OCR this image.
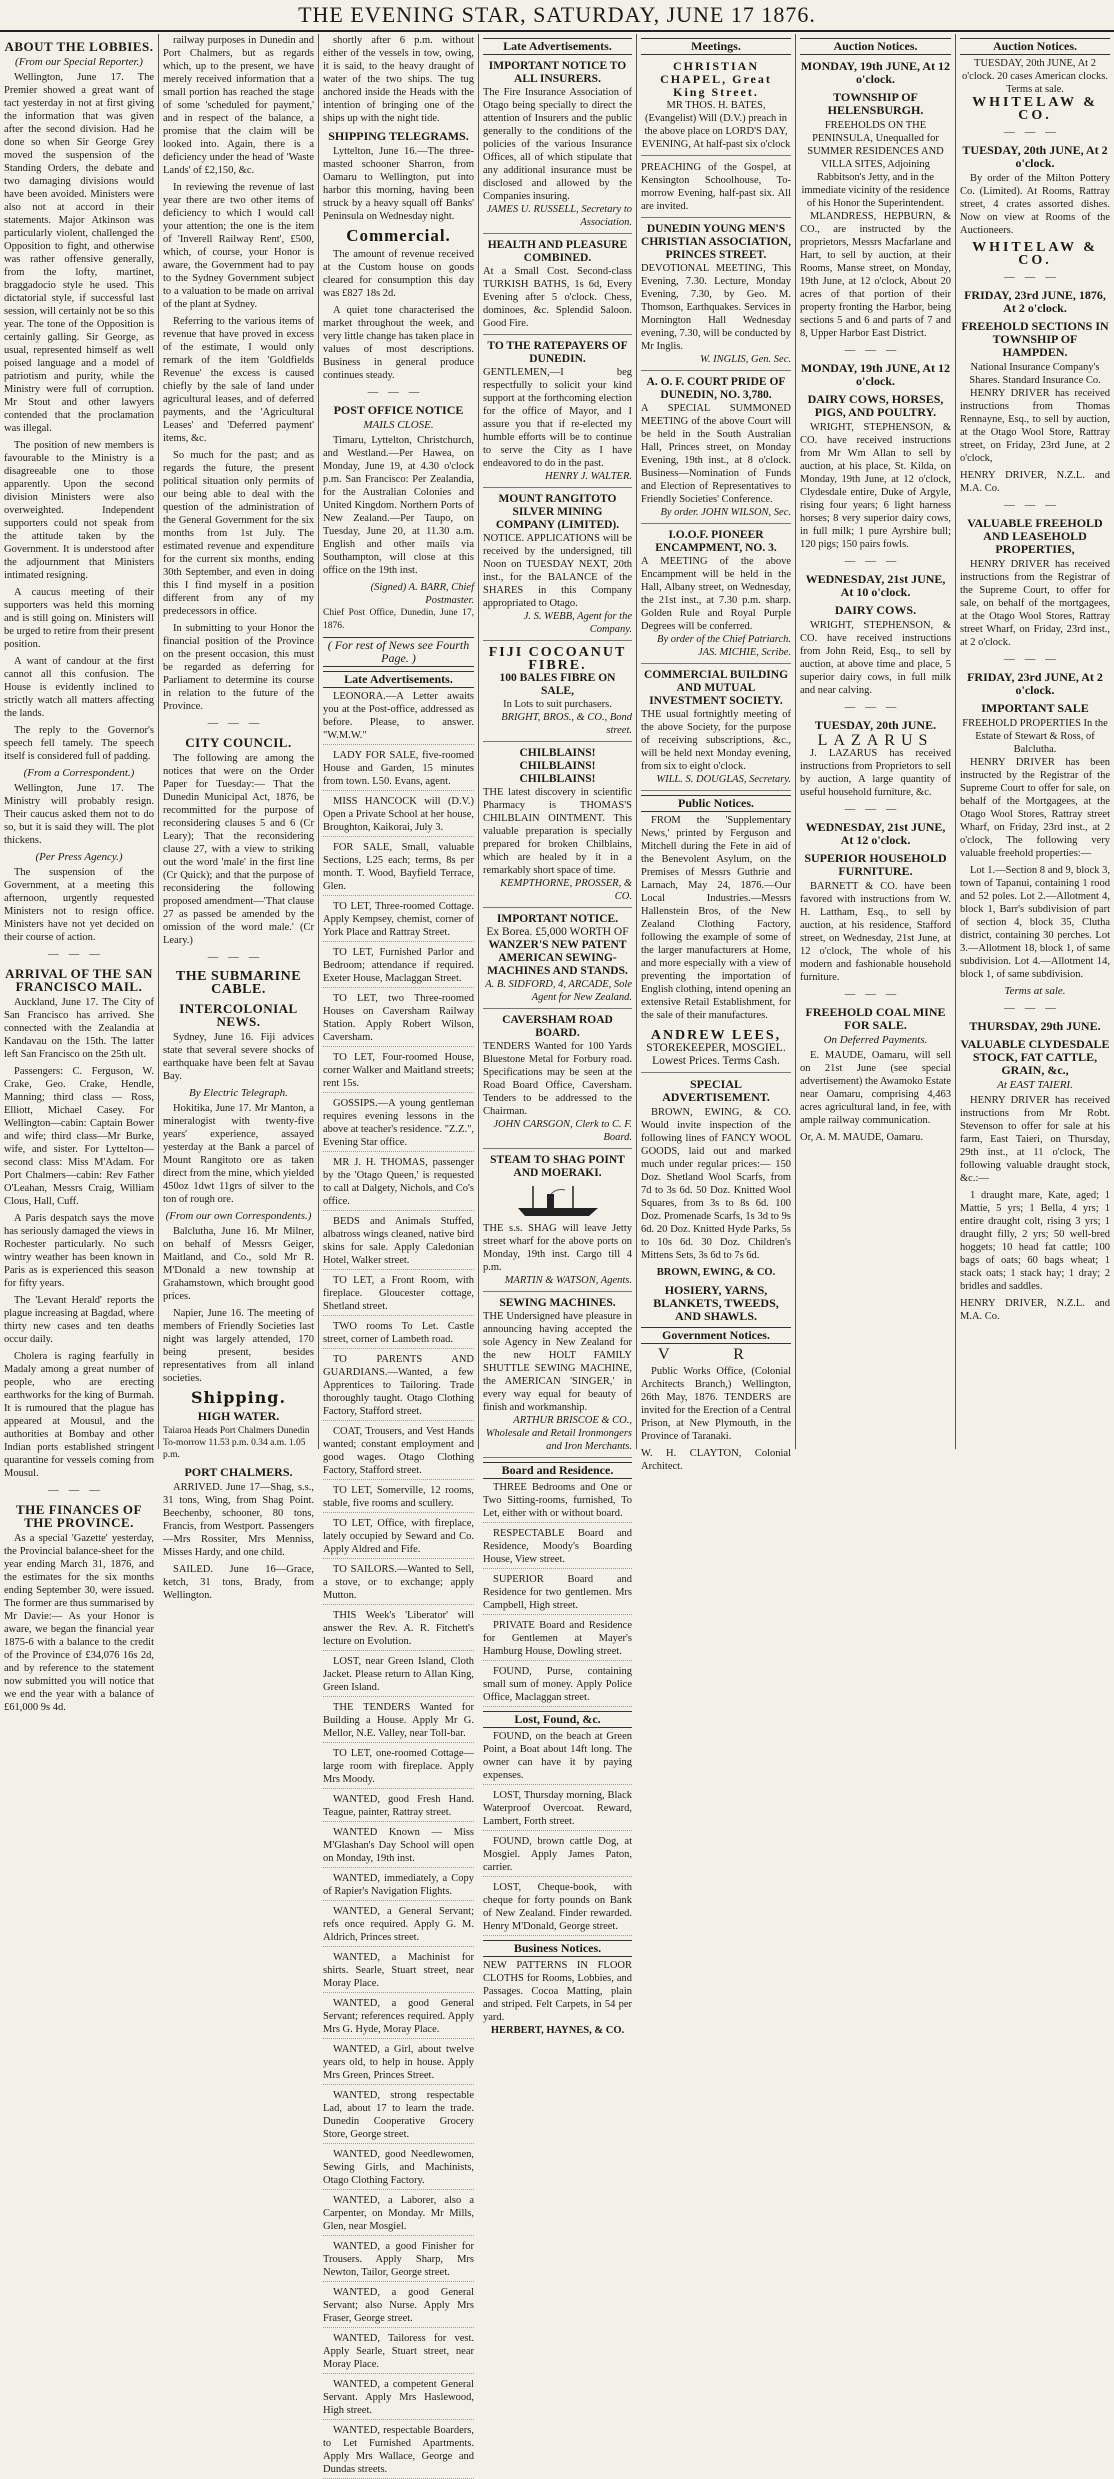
THE EVENING STAR, SATURDAY, JUNE 17 1876.
ABOUT THE LOBBIES.
(From our Special Reporter.)

Wellington, June 17. The Premier showed a great want of tact yesterday in not at first giving the information that was given after the second division. Had he done so when Sir George Grey moved the suspension of the Standing Orders, the debate and two damaging divisions would have been avoided. Ministers were also not at accord in their statements. Major Atkinson was particularly violent, challenged the Opposition to fight, and otherwise was rather offensive generally, from the lofty, martinet, braggadocio style he used. This dictatorial style, if successful last session, will certainly not be so this year. The tone of the Opposition is certainly galling. Sir George, as usual, represented himself as well poised language and a model of patriotism and purity, while the Ministry were full of corruption. Mr Stout and other lawyers contended that the proclamation was illegal.

The position of new members is favourable to the Ministry is a disagreeable one to those apparently. Upon the second division Ministers were also overweighted. Independent supporters could not speak from the attitude taken by the Government. It is understood after the adjournment that Ministers intimated resigning.

A caucus meeting of their supporters was held this morning and is still going on. Ministers will be urged to retire from their present position.

A want of candour at the first cannot all this confusion. The House is evidently inclined to strictly watch all matters affecting the lands.

The reply to the Governor's speech fell tamely. The speech itself is considered full of padding.

(From a Correspondent.)

Wellington, June 17. The Ministry will probably resign. Their caucus asked them not to do so, but it is said they will. The plot thickens.

(Per Press Agency.)

The suspension of the Government, at a meeting this afternoon, urgently requested Ministers not to resign office. Ministers have not yet decided on their course of action.

———
ARRIVAL OF THE SAN FRANCISCO MAIL.

Auckland, June 17. The City of San Francisco has arrived. She connected with the Zealandia at Kandavau on the 15th. The latter left San Francisco on the 25th ult.

Passengers: C. Ferguson, W. Crake, Geo. Crake, Hendle, Manning; third class — Ross, Elliott, Michael Casey. For Wellington—cabin: Captain Bower and wife; third class—Mr Burke, wife, and sister. For Lyttelton—second class: Miss M'Adam. For Port Chalmers—cabin: Rev Father O'Leahan, Messrs Craig, William Clous, Hall, Cuff.

A Paris despatch says the move has seriously damaged the views in Rochester particularly. No such wintry weather has been known in Paris as is experienced this season for fifty years.

The 'Levant Herald' reports the plague increasing at Bagdad, where thirty new cases and ten deaths occur daily.

Cholera is raging fearfully in Madaly among a great number of people, who are erecting earthworks for the king of Burmah. It is rumoured that the plague has appeared at Mousul, and the authorities at Bombay and other Indian ports established stringent quarantine for vessels coming from Mousul.

———
THE FINANCES OF THE PROVINCE.

As a special 'Gazette' yesterday, the Provincial balance-sheet for the year ending March 31, 1876, and the estimates for the six months ending September 30, were issued. The former are thus summarised by Mr Davie:— As your Honor is aware, we began the financial year 1875-6 with a balance to the credit of the Province of £34,076 16s 2d, and by reference to the statement now submitted you will notice that we end the year with a balance of £61,000 9s 4d.

railway purposes in Dunedin and Port Chalmers, but as regards which, up to the present, we have merely received information that a small portion has reached the stage of some 'scheduled for payment,' and in respect of the balance, a promise that the claim will be looked into. Again, there is a deficiency under the head of 'Waste Lands' of £2,150, &c.

In reviewing the revenue of last year there are two other items of deficiency to which I would call your attention; the one is the item of 'Inverell Railway Rent', £500, which, of course, your Honor is aware, the Government had to pay to the Sydney Government subject to a valuation to be made on arrival of the plant at Sydney.

Referring to the various items of revenue that have proved in excess of the estimate, I would only remark of the item 'Goldfields Revenue' the excess is caused chiefly by the sale of land under agricultural leases, and of deferred payments, and the 'Agricultural Leases' and 'Deferred payment' items, &c.

So much for the past; and as regards the future, the present political situation only permits of our being able to deal with the question of the administration of the General Government for the six months from 1st July. The estimated revenue and expenditure for the current six months, ending 30th September, and even in doing this I find myself in a position different from any of my predecessors in office.

In submitting to your Honor the financial position of the Province on the present occasion, this must be regarded as deferring for Parliament to determine its course in relation to the future of the Province.

———
CITY COUNCIL.

The following are among the notices that were on the Order Paper for Tuesday:— That the Dunedin Municipal Act, 1876, be recommitted for the purpose of reconsidering clauses 5 and 6 (Cr Leary); That the reconsidering clause 27, with a view to striking out the word 'male' in the first line (Cr Quick); and that the purpose of reconsidering the following proposed amendment—'That clause 27 as passed be amended by the omission of the word male.' (Cr Leary.)

———
THE SUBMARINE CABLE.
INTERCOLONIAL NEWS.

Sydney, June 16. Fiji advices state that several severe shocks of earthquake have been felt at Savau Bay.

By Electric Telegraph.

Hokitika, June 17. Mr Manton, a mineralogist with twenty-five years' experience, assayed yesterday at the Bank a parcel of Mount Rangitoto ore as taken direct from the mine, which yielded 450oz 1dwt 11grs of silver to the ton of rough ore.

(From our own Correspondents.)

Balclutha, June 16. Mr Milner, on behalf of Messrs Geiger, Maitland, and Co., sold Mr R. M'Donald a new township at Grahamstown, which brought good prices.

Napier, June 16. The meeting of members of Friendly Societies last night was largely attended, 170 being present, besides representatives from all inland societies.

Shipping.
HIGH WATER.
Taiaroa Heads Port Chalmers Dunedin
To-morrow 11.53 p.m. 0.34 a.m. 1.05 p.m.
PORT CHALMERS.

ARRIVED. June 17—Shag, s.s., 31 tons, Wing, from Shag Point. Beechenby, schooner, 80 tons, Francis, from Westport. Passengers—Mrs Rossiter, Mrs Menniss, Misses Hardy, and one child.

SAILED. June 16—Grace, ketch, 31 tons, Brady, from Wellington.

shortly after 6 p.m. without either of the vessels in tow, owing, it is said, to the heavy draught of water of the two ships. The tug anchored inside the Heads with the intention of bringing one of the ships up with the night tide.

SHIPPING TELEGRAMS.

Lyttelton, June 16.—The three-masted schooner Sharron, from Oamaru to Wellington, put into harbor this morning, having been struck by a heavy squall off Banks' Peninsula on Wednesday night.

Commercial.

The amount of revenue received at the Custom house on goods cleared for consumption this day was £827 18s 2d.

A quiet tone characterised the market throughout the week, and very little change has taken place in values of most descriptions. Business in general produce continues steady.

———
POST OFFICE NOTICE
MAILS CLOSE.

Timaru, Lyttelton, Christchurch, and Westland.—Per Hawea, on Monday, June 19, at 4.30 o'clock p.m. San Francisco: Per Zealandia, for the Australian Colonies and United Kingdom. Northern Ports of New Zealand.—Per Taupo, on Tuesday, June 20, at 11.30 a.m. English and other mails via Southampton, will close at this office on the 19th inst.

(Signed) A. BARR, Chief Postmaster.
Chief Post Office, Dunedin, June 17, 1876.
( For rest of News see Fourth Page. )
Late Advertisements.

LEONORA.—A Letter awaits you at the Post-office, addressed as before. Please, to answer. "W.M.W."

LADY FOR SALE, five-roomed House and Garden, 15 minutes from town. L50. Evans, agent.

MISS HANCOCK will (D.V.) Open a Private School at her house, Broughton, Kaikorai, July 3.

FOR SALE, Small, valuable Sections, L25 each; terms, 8s per month. T. Wood, Bayfield Terrace, Glen.

TO LET, Three-roomed Cottage. Apply Kempsey, chemist, corner of York Place and Rattray Street.

TO LET, Furnished Parlor and Bedroom; attendance if required. Exeter House, Maclaggan Street.

TO LET, two Three-roomed Houses on Caversham Railway Station. Apply Robert Wilson, Caversham.

TO LET, Four-roomed House, corner Walker and Maitland streets; rent 15s.

GOSSIPS.—A young gentleman requires evening lessons in the above at teacher's residence. "Z.Z.", Evening Star office.

MR J. H. THOMAS, passenger by the 'Otago Queen,' is requested to call at Dalgety, Nichols, and Co's office.

BEDS and Animals Stuffed, albatross wings cleaned, native bird skins for sale. Apply Caledonian Hotel, Walker street.

TO LET, a Front Room, with fireplace. Gloucester cottage, Shetland street.

TWO rooms To Let. Castle street, corner of Lambeth road.

TO PARENTS AND GUARDIANS.—Wanted, a few Apprentices to Tailoring. Trade thoroughly taught. Otago Clothing Factory, Stafford street.

COAT, Trousers, and Vest Hands wanted; constant employment and good wages. Otago Clothing Factory, Stafford street.

TO LET, Somerville, 12 rooms, stable, five rooms and scullery.

TO LET, Office, with fireplace, lately occupied by Seward and Co. Apply Aldred and Fife.

TO SAILORS.—Wanted to Sell, a stove, or to exchange; apply Mutton.

THIS Week's 'Liberator' will answer the Rev. A. R. Fitchett's lecture on Evolution.

LOST, near Green Island, Cloth Jacket. Please return to Allan King, Green Island.

THE TENDERS Wanted for Building a House. Apply Mr G. Mellor, N.E. Valley, near Toll-bar.

TO LET, one-roomed Cottage—large room with fireplace. Apply Mrs Moody.

WANTED, good Fresh Hand. Teague, painter, Rattray street.

WANTED Known — Miss M'Glashan's Day School will open on Monday, 19th inst.

WANTED, immediately, a Copy of Rapier's Navigation Flights.

WANTED, a General Servant; refs once required. Apply G. M. Aldrich, Princes street.

WANTED, a Machinist for shirts. Searle, Stuart street, near Moray Place.

WANTED, a good General Servant; references required. Apply Mrs G. Hyde, Moray Place.

WANTED, a Girl, about twelve years old, to help in house. Apply Mrs Green, Princes Street.

WANTED, strong respectable Lad, about 17 to learn the trade. Dunedin Cooperative Grocery Store, George street.

WANTED, good Needlewomen, Sewing Girls, and Machinists, Otago Clothing Factory.

WANTED, a Laborer, also a Carpenter, on Monday. Mr Mills, Glen, near Mosgiel.

WANTED, a good Finisher for Trousers. Apply Sharp, Mrs Newton, Tailor, George street.

WANTED, a good General Servant; also Nurse. Apply Mrs Fraser, George street.

WANTED, Tailoress for vest. Apply Searle, Stuart street, near Moray Place.

WANTED, a competent General Servant. Apply Mrs Haslewood, High street.

WANTED, respectable Boarders, to Let Furnished Apartments. Apply Mrs Wallace, George and Dundas streets.

Late Advertisements.
IMPORTANT NOTICE TO ALL INSURERS.

The Fire Insurance Association of Otago being specially to direct the attention of Insurers and the public generally to the conditions of the policies of the various Insurance Offices, all of which stipulate that any additional insurance must be disclosed and allowed by the Companies insuring.

JAMES U. RUSSELL, Secretary to Association.
HEALTH AND PLEASURE COMBINED.

At a Small Cost. Second-class TURKISH BATHS, 1s 6d, Every Evening after 5 o'clock. Chess, dominoes, &c. Splendid Saloon. Good Fire.

TO THE RATEPAYERS OF DUNEDIN.

GENTLEMEN,—I beg respectfully to solicit your kind support at the forthcoming election for the office of Mayor, and I assure you that if re-elected my humble efforts will be to continue to serve the City as I have endeavored to do in the past.

HENRY J. WALTER.
MOUNT RANGITOTO SILVER MINING COMPANY (LIMITED).

NOTICE. APPLICATIONS will be received by the undersigned, till Noon on TUESDAY NEXT, 20th inst., for the BALANCE of the SHARES in this Company appropriated to Otago.

J. S. WEBB, Agent for the Company.
FIJI COCOANUT FIBRE.
100 BALES FIBRE ON SALE,

In Lots to suit purchasers.

BRIGHT, BROS., & CO., Bond street.
CHILBLAINS! CHILBLAINS! CHILBLAINS!

THE latest discovery in scientific Pharmacy is THOMAS'S CHILBLAIN OINTMENT. This valuable preparation is specially prepared for broken Chilblains, which are healed by it in a remarkably short space of time.

KEMPTHORNE, PROSSER, & CO.
IMPORTANT NOTICE.
Ex Borea. £5,000 WORTH OF
WANZER'S NEW PATENT AMERICAN SEWING-MACHINES AND STANDS.
A. B. SIDFORD, 4, ARCADE, Sole Agent for New Zealand.
CAVERSHAM ROAD BOARD.

TENDERS Wanted for 100 Yards Bluestone Metal for Forbury road. Specifications may be seen at the Road Board Office, Caversham. Tenders to be addressed to the Chairman.

JOHN CARSGON, Clerk to C. F. Board.
STEAM TO SHAG POINT AND MOERAKI.

THE s.s. SHAG will leave Jetty street wharf for the above ports on Monday, 19th inst. Cargo till 4 p.m.

MARTIN & WATSON, Agents.
SEWING MACHINES.

THE Undersigned have pleasure in announcing having accepted the sole Agency in New Zealand for the new HOLT FAMILY SHUTTLE SEWING MACHINE, the AMERICAN 'SINGER,' in every way equal for beauty of finish and workmanship.

ARTHUR BRISCOE & CO., Wholesale and Retail Ironmongers and Iron Merchants.
Board and Residence.

THREE Bedrooms and One or Two Sitting-rooms, furnished, To Let, either with or without board.

RESPECTABLE Board and Residence, Moody's Boarding House, View street.

SUPERIOR Board and Residence for two gentlemen. Mrs Campbell, High street.

PRIVATE Board and Residence for Gentlemen at Mayer's Hamburg House, Dowling street.

FOUND, Purse, containing small sum of money. Apply Police Office, Maclaggan street.

Lost, Found, &c.

FOUND, on the beach at Green Point, a Boat about 14ft long. The owner can have it by paying expenses.

LOST, Thursday morning, Black Waterproof Overcoat. Reward, Lambert, Forth street.

FOUND, brown cattle Dog, at Mosgiel. Apply James Paton, carrier.

LOST, Cheque-book, with cheque for forty pounds on Bank of New Zealand. Finder rewarded. Henry M'Donald, George street.

Business Notices.

NEW PATTERNS IN FLOOR CLOTHS for Rooms, Lobbies, and Passages. Cocoa Matting, plain and striped. Felt Carpets, in 54 per yard.

HERBERT, HAYNES, & CO.
Meetings.
CHRISTIAN CHAPEL, Great King Street.

MR THOS. H. BATES, (Evangelist) Will (D.V.) preach in the above place on LORD'S DAY, EVENING, At half-past six o'clock

PREACHING of the Gospel, at Kensington Schoolhouse, To-morrow Evening, half-past six. All are invited.

DUNEDIN YOUNG MEN'S CHRISTIAN ASSOCIATION, PRINCES STREET.

DEVOTIONAL MEETING, This Evening, 7.30. Lecture, Monday Evening, 7.30, by Geo. M. Thomson, Earthquakes. Services in Mornington Hall Wednesday evening, 7.30, will be conducted by Mr Inglis.

W. INGLIS, Gen. Sec.
A. O. F. COURT PRIDE OF DUNEDIN, NO. 3,780.

A SPECIAL SUMMONED MEETING of the above Court will be held in the South Australian Hall, Princes street, on Monday Evening, 19th inst., at 8 o'clock. Business—Nomination of Funds and Election of Representatives to Friendly Societies' Conference.

By order. JOHN WILSON, Sec.
I.O.O.F. PIONEER ENCAMPMENT, NO. 3.

A MEETING of the above Encampment will be held in the Hall, Albany street, on Wednesday, the 21st inst., at 7.30 p.m. sharp. Golden Rule and Royal Purple Degrees will be conferred.

By order of the Chief Patriarch. JAS. MICHIE, Scribe.
COMMERCIAL BUILDING AND MUTUAL INVESTMENT SOCIETY.

THE usual fortnightly meeting of the above Society, for the purpose of receiving subscriptions, &c., will be held next Monday evening, from six to eight o'clock.

WILL. S. DOUGLAS, Secretary.
Public Notices.

FROM the 'Supplementary News,' printed by Ferguson and Mitchell during the Fete in aid of the Benevolent Asylum, on the Premises of Messrs Guthrie and Larnach, May 24, 1876.—Our Local Industries.—Messrs Hallenstein Bros, of the New Zealand Clothing Factory, following the example of some of the larger manufacturers at Home, and more especially with a view of preventing the importation of English clothing, intend opening an extensive Retail Establishment, for the sale of their manufactures.

ANDREW LEES,
STOREKEEPER, MOSGIEL. Lowest Prices. Terms Cash.
SPECIAL ADVERTISEMENT.

BROWN, EWING, & CO. Would invite inspection of the following lines of FANCY WOOL GOODS, laid out and marked much under regular prices:— 150 Doz. Shetland Wool Scarfs, from 7d to 3s 6d. 50 Doz. Knitted Wool Squares, from 3s to 8s 6d. 100 Doz. Promenade Scarfs, 1s 3d to 9s 6d. 20 Doz. Knitted Hyde Parks, 5s to 10s 6d. 30 Doz. Children's Mittens Sets, 3s 6d to 7s 6d.

BROWN, EWING, & CO.
HOSIERY, YARNS, BLANKETS, TWEEDS, AND SHAWLS.
Government Notices.
V R

Public Works Office, (Colonial Architects Branch,) Wellington, 26th May, 1876. TENDERS are invited for the Erection of a Central Prison, at New Plymouth, in the Province of Taranaki.

W. H. CLAYTON, Colonial Architect.
Auction Notices.
MONDAY, 19th JUNE, At 12 o'clock.
TOWNSHIP OF HELENSBURGH.

FREEHOLDS ON THE PENINSULA, Unequalled for SUMMER RESIDENCES AND VILLA SITES, Adjoining Rabbitson's Jetty, and in the immediate vicinity of the residence of his Honor the Superintendent.

MLANDRESS, HEPBURN, & CO., are instructed by the proprietors, Messrs Macfarlane and Hart, to sell by auction, at their Rooms, Manse street, on Monday, 19th June, at 12 o'clock, About 20 acres of that portion of their property fronting the Harbor, being sections 5 and 6 and parts of 7 and 8, Upper Harbor East District.

———
MONDAY, 19th JUNE, At 12 o'clock.
DAIRY COWS, HORSES, PIGS, AND POULTRY.

WRIGHT, STEPHENSON, & CO. have received instructions from Mr Wm Allan to sell by auction, at his place, St. Kilda, on Monday, 19th June, at 12 o'clock, Clydesdale entire, Duke of Argyle, rising four years; 6 light harness horses; 8 very superior dairy cows, in full milk; 1 pure Ayrshire bull; 120 pigs; 150 pairs fowls.

———
WEDNESDAY, 21st JUNE, At 10 o'clock.
DAIRY COWS.

WRIGHT, STEPHENSON, & CO. have received instructions from John Reid, Esq., to sell by auction, at above time and place, 5 superior dairy cows, in full milk and near calving.

———
TUESDAY, 20th JUNE.
LAZARUS

J. LAZARUS has received instructions from Proprietors to sell by auction, A large quantity of useful household furniture, &c.

———
WEDNESDAY, 21st JUNE, At 12 o'clock.
SUPERIOR HOUSEHOLD FURNITURE.

BARNETT & CO. have been favored with instructions from W. H. Lattham, Esq., to sell by auction, at his residence, Stafford street, on Wednesday, 21st June, at 12 o'clock, The whole of his modern and fashionable household furniture.

———
FREEHOLD COAL MINE FOR SALE.
On Deferred Payments.

E. MAUDE, Oamaru, will sell on 21st June (see special advertisement) the Awamoko Estate near Oamaru, comprising 4,463 acres agricultural land, in fee, with ample railway communication.

Or, A. M. MAUDE, Oamaru.
Auction Notices.

TUESDAY, 20th JUNE, At 2 o'clock. 20 cases American clocks. Terms at sale.

WHITELAW & CO.
———
TUESDAY, 20th JUNE, At 2 o'clock.

By order of the Milton Pottery Co. (Limited). At Rooms, Rattray street, 4 crates assorted dishes. Now on view at Rooms of the Auctioneers.

WHITELAW & CO.
———
FRIDAY, 23rd JUNE, 1876, At 2 o'clock.
FREEHOLD SECTIONS IN TOWNSHIP OF HAMPDEN.

National Insurance Company's Shares. Standard Insurance Co.

HENRY DRIVER has received instructions from Thomas Rennayne, Esq., to sell by auction, at the Otago Wool Store, Rattray street, on Friday, 23rd June, at 2 o'clock,

HENRY DRIVER, N.Z.L. and M.A. Co.
———
VALUABLE FREEHOLD AND LEASEHOLD PROPERTIES,

HENRY DRIVER has received instructions from the Registrar of the Supreme Court, to offer for sale, on behalf of the mortgagees, at the Otago Wool Stores, Rattray street Wharf, on Friday, 23rd inst., at 2 o'clock.

———
FRIDAY, 23rd JUNE, At 2 o'clock.
IMPORTANT SALE

FREEHOLD PROPERTIES In the Estate of Stewart & Ross, of Balclutha.

HENRY DRIVER has been instructed by the Registrar of the Supreme Court to offer for sale, on behalf of the Mortgagees, at the Otago Wool Stores, Rattray street Wharf, on Friday, 23rd inst., at 2 o'clock, The following very valuable freehold properties:—

Lot 1.—Section 8 and 9, block 3, town of Tapanui, containing 1 rood and 52 poles. Lot 2.—Allotment 4, block 1, Barr's subdivision of part of section 4, block 35, Clutha district, containing 30 perches. Lot 3.—Allotment 18, block 1, of same subdivision. Lot 4.—Allotment 14, block 1, of same subdivision.

Terms at sale.
———
THURSDAY, 29th JUNE.
VALUABLE CLYDESDALE STOCK, FAT CATTLE, GRAIN, &c.,
At EAST TAIERI.

HENRY DRIVER has received instructions from Mr Robt. Stevenson to offer for sale at his farm, East Taieri, on Thursday, 29th inst., at 11 o'clock, The following valuable draught stock, &c.:—

1 draught mare, Kate, aged; 1 Mattie, 5 yrs; 1 Bella, 4 yrs; 1 entire draught colt, rising 3 yrs; 1 draught filly, 2 yrs; 50 well-bred hoggets; 10 head fat cattle; 100 bags of oats; 60 bags wheat; 1 stack oats; 1 stack hay; 1 dray; 2 bridles and saddles.

HENRY DRIVER, N.Z.L. and M.A. Co.
